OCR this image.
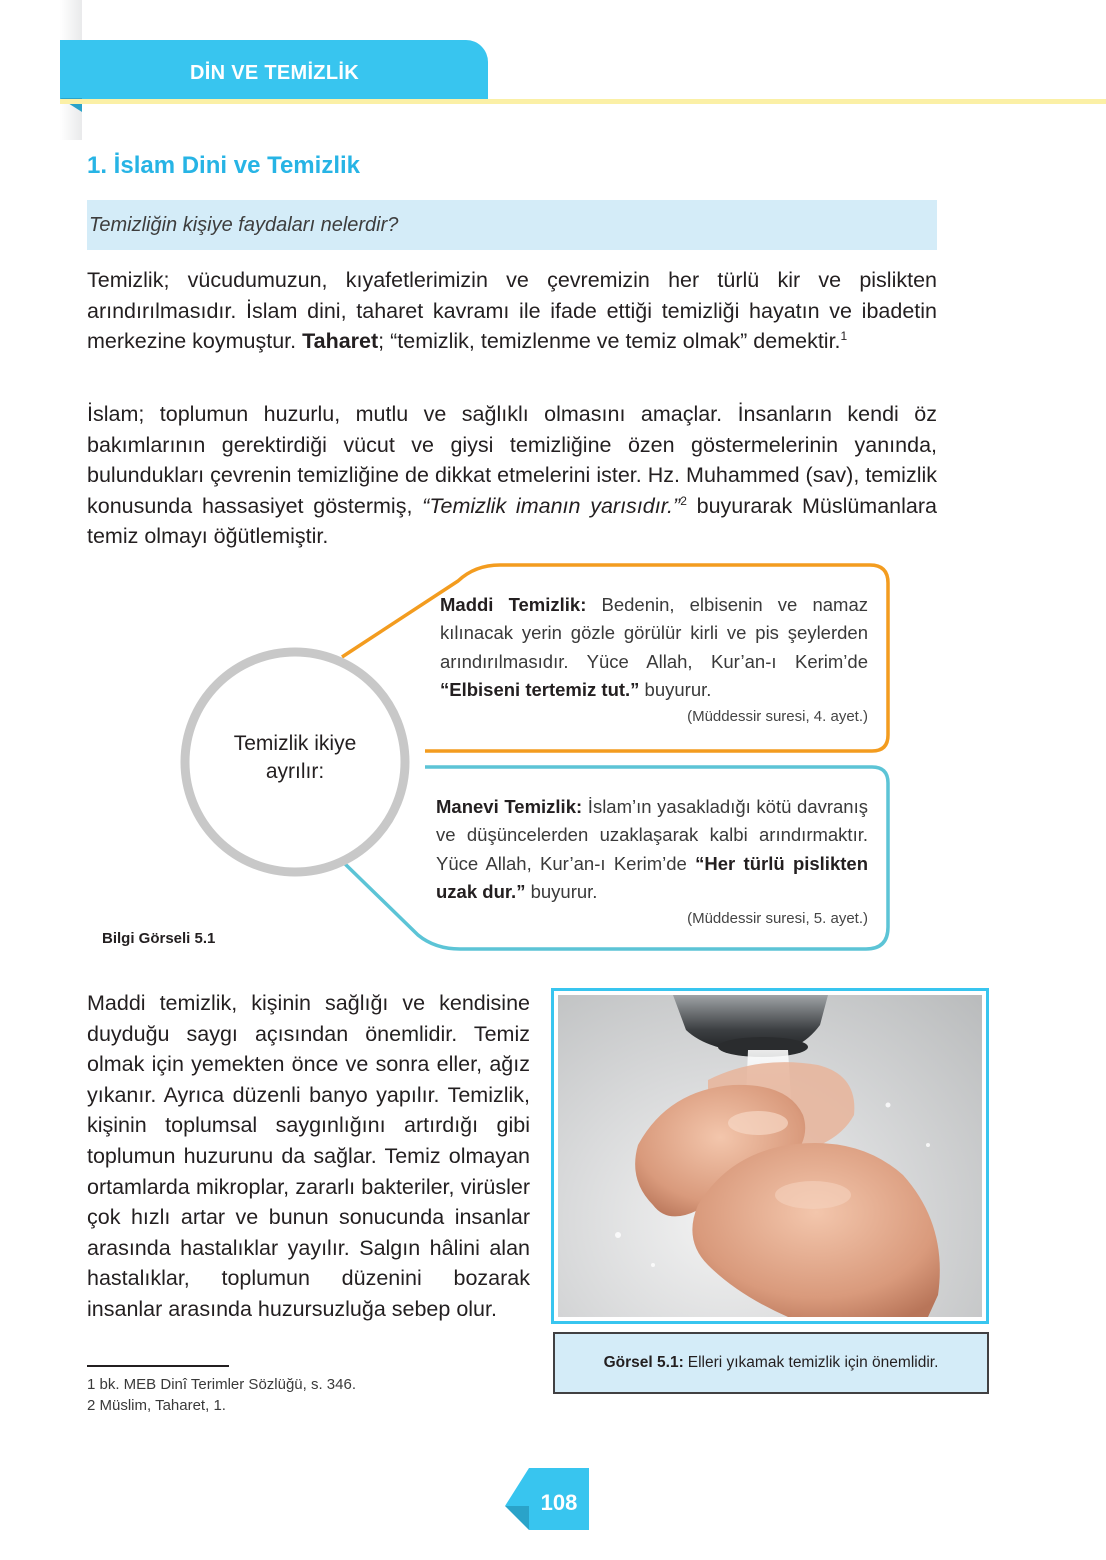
DİN VE TEMİZLİK
1. İslam Dini ve Temizlik
Temizliğin kişiye faydaları nelerdir?
Temizlik; vücudumuzun, kıyafetlerimizin ve çevremizin her türlü kir ve pislikten arındırılmasıdır. İslam dini, taharet kavramı ile ifade ettiği temizliği hayatın ve ibadetin merkezine koymuştur. Taharet; “temizlik, temizlenme ve temiz olmak” demektir.$^1$
İslam; toplumun huzurlu, mutlu ve sağlıklı olmasını amaçlar. İnsanların kendi öz bakımlarının gerektirdiği vücut ve giysi temizliğine özen göstermelerinin yanında, bulundukları çevrenin temizliğine de dikkat etmelerini ister. Hz. Muhammed (sav), temizlik konusunda hassasiyet göstermiş, “Temizlik imanın yarısıdır.”$^2$ buyurarak Müslümanlara temiz olmayı öğütlemiştir.
Temizlik ikiye ayrılır:
Maddi Temizlik: Bedenin, elbisenin ve namaz kılınacak yerin gözle görülür kirli ve pis şeylerden arındırılmasıdır. Yüce Allah, Kur’an-ı Kerim’de “Elbiseni tertemiz tut.” buyurur.
(Müddessir suresi, 4. ayet.)
Manevi Temizlik: İslam’ın yasakladığı kötü davranış ve düşüncelerden uzaklaşarak kalbi arındırmaktır. Yüce Allah, Kur’an-ı Kerim’de “Her türlü pislikten uzak dur.” buyurur.
(Müddessir suresi, 5. ayet.)
Bilgi Görseli 5.1
Maddi temizlik, kişinin sağlığı ve kendisine duyduğu saygı açısından önemlidir. Temiz olmak için yemekten önce ve sonra eller, ağız yıkanır. Ayrıca düzenli banyo yapılır. Temizlik, kişinin toplumsal saygınlığını artırdığı gibi toplumun huzurunu da sağlar. Temiz olmayan ortamlarda mikroplar, zararlı bakteriler, virüsler çok hızlı artar ve bunun sonucunda insanlar arasında hastalıklar yayılır. Salgın hâlini alan hastalıklar, toplumun düzenini bozarak insanlar arasında huzursuzluğa sebep olur.
Görsel 5.1: Elleri yıkamak temizlik için önemlidir.
1 bk. MEB Dinî Terimler Sözlüğü, s. 346.
2 Müslim, Taharet, 1.
108
